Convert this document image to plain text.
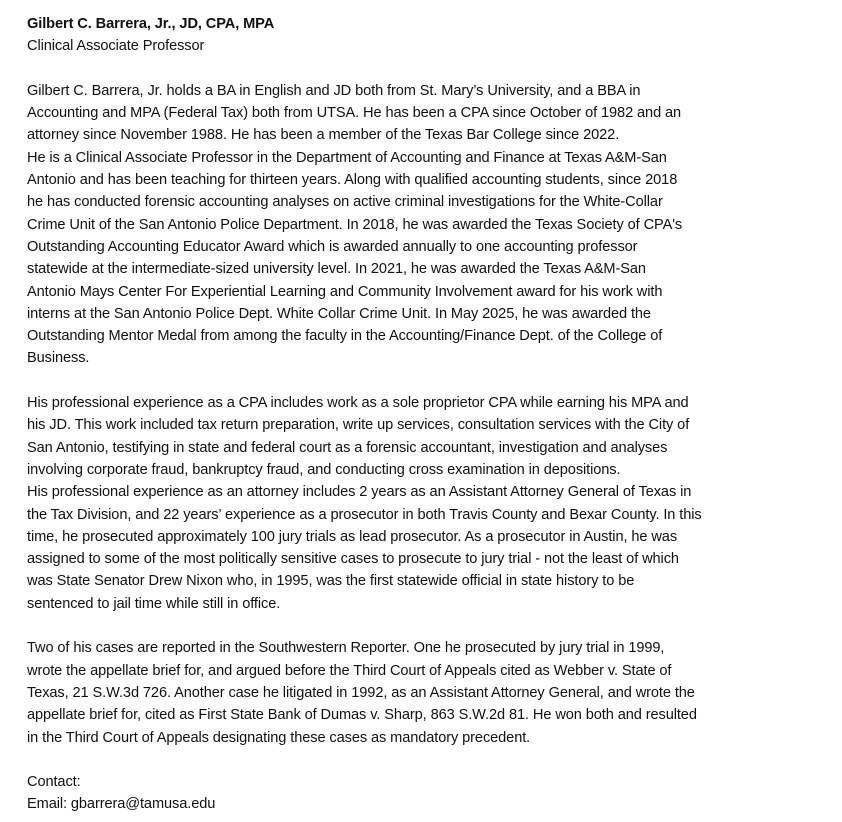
Gilbert C. Barrera, Jr., JD, CPA, MPA

Clinical Associate Professor

Gilbert C. Barrera, Jr. holds a BA in English and JD both from St. Mary’s University, and a BBA in
Accounting and MPA (Federal Tax) both from UTSA. He has been a CPA since October of 1982 and an
attorney since November 1988. He has been a member of the Texas Bar College since 2022.
He is a Clinical Associate Professor in the Department of Accounting and Finance at Texas A&M-San
Antonio and has been teaching for thirteen years. Along with qualified accounting students, since 2018
he has conducted forensic accounting analyses on active criminal investigations for the White-Collar
Crime Unit of the San Antonio Police Department. In 2018, he was awarded the Texas Society of CPA's
Outstanding Accounting Educator Award which is awarded annually to one accounting professor
statewide at the intermediate-sized university level. In 2021, he was awarded the Texas A&M-San
Antonio Mays Center For Experiential Learning and Community Involvement award for his work with
interns at the San Antonio Police Dept. White Collar Crime Unit. In May 2025, he was awarded the
Outstanding Mentor Medal from among the faculty in the Accounting/Finance Dept. of the College of
Business.
His professional experience as a CPA includes work as a sole proprietor CPA while earning his MPA and
his JD. This work included tax return preparation, write up services, consultation services with the City of
San Antonio, testifying in state and federal court as a forensic accountant, investigation and analyses
involving corporate fraud, bankruptcy fraud, and conducting cross examination in depositions.
His professional experience as an attorney includes 2 years as an Assistant Attorney General of Texas in
the Tax Division, and 22 years’ experience as a prosecutor in both Travis County and Bexar County. In this
time, he prosecuted approximately 100 jury trials as lead prosecutor. As a prosecutor in Austin, he was
assigned to some of the most politically sensitive cases to prosecute to jury trial - not the least of which
was State Senator Drew Nixon who, in 1995, was the first statewide official in state history to be
sentenced to jail time while still in office.
Two of his cases are reported in the Southwestern Reporter. One he prosecuted by jury trial in 1999,
wrote the appellate brief for, and argued before the Third Court of Appeals cited as Webber v. State of
Texas, 21 S.W.3d 726. Another case he litigated in 1992, as an Assistant Attorney General, and wrote the
appellate brief for, cited as First State Bank of Dumas v. Sharp, 863 S.W.2d 81. He won both and resulted
in the Third Court of Appeals designating these cases as mandatory precedent.
Contact:
Email: gbarrera@tamusa.edu
